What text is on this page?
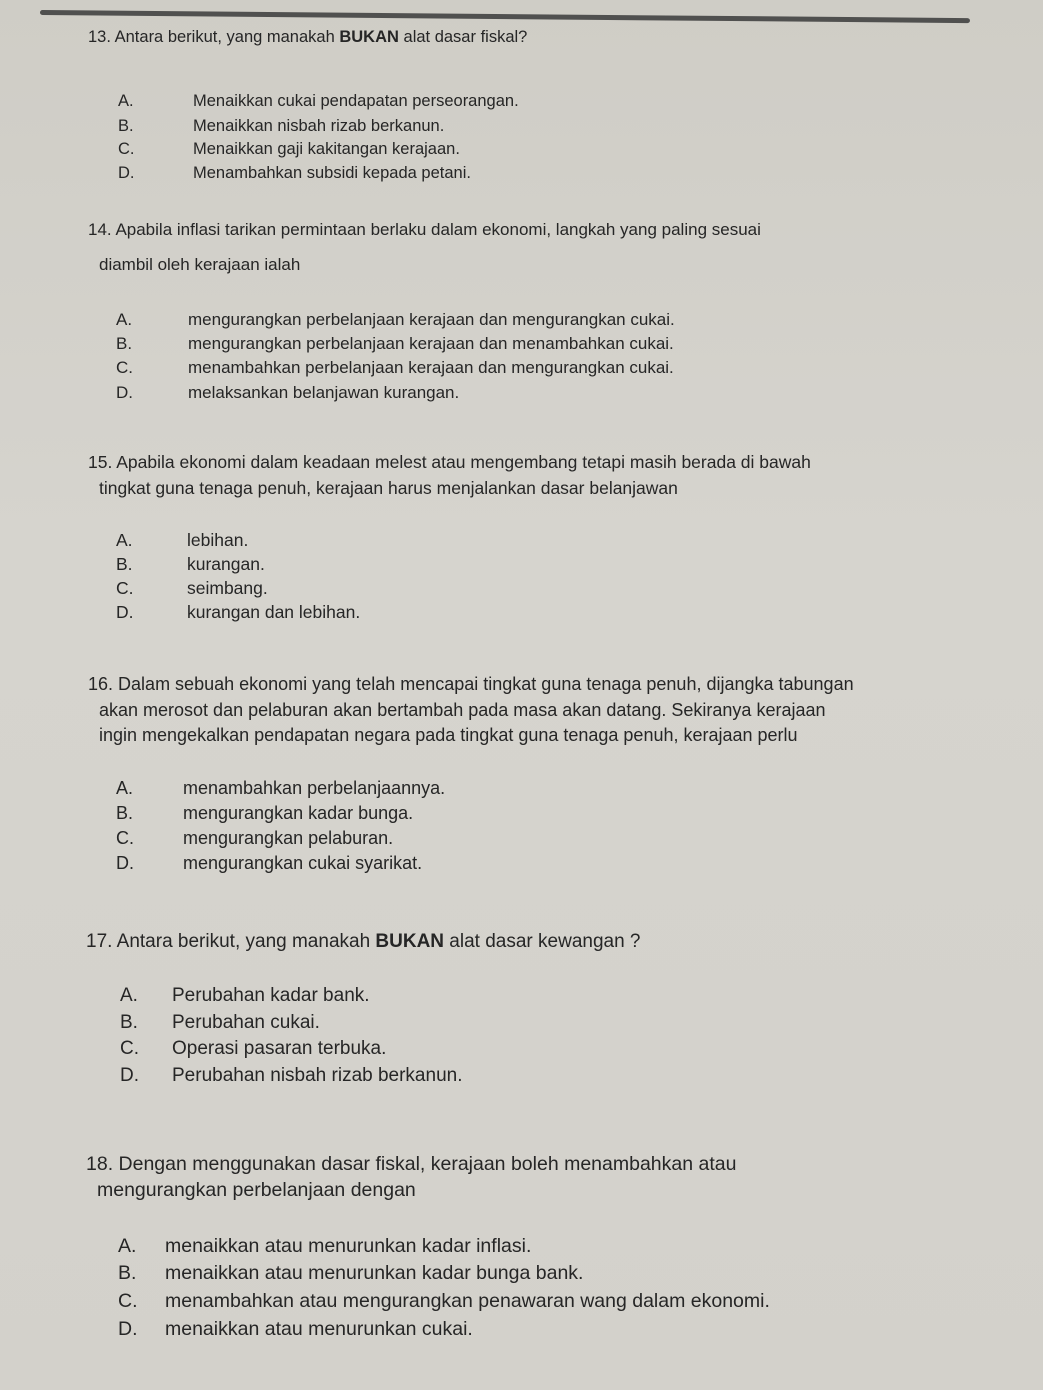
13. Antara berikut, yang manakah BUKAN alat dasar fiskal?
A.	Menaikkan cukai pendapatan perseorangan.
B.	Menaikkan nisbah rizab berkanun.
C.	Menaikkan gaji kakitangan kerajaan.
D.	Menambahkan subsidi kepada petani.
14. Apabila inflasi tarikan permintaan berlaku dalam ekonomi, langkah yang paling sesuai
diambil oleh kerajaan ialah
A.	mengurangkan perbelanjaan kerajaan dan mengurangkan cukai.
B.	mengurangkan perbelanjaan kerajaan dan menambahkan cukai.
C.	menambahkan perbelanjaan kerajaan dan mengurangkan cukai.
D.	melaksankan belanjawan kurangan.
15. Apabila ekonomi dalam keadaan melest atau mengembang tetapi masih berada di bawah
tingkat guna tenaga penuh, kerajaan harus menjalankan dasar belanjawan
A.	lebihan.
B.	kurangan.
C.	seimbang.
D.	kurangan dan lebihan.
16. Dalam sebuah ekonomi yang telah mencapai tingkat guna tenaga penuh, dijangka tabungan
akan merosot dan pelaburan akan bertambah pada masa akan datang. Sekiranya kerajaan
ingin mengekalkan pendapatan negara pada tingkat guna tenaga penuh, kerajaan perlu
A.	menambahkan perbelanjaannya.
B.	mengurangkan kadar bunga.
C.	mengurangkan pelaburan.
D.	mengurangkan cukai syarikat.
17. Antara berikut, yang manakah BUKAN alat dasar kewangan ?
A. Perubahan kadar bank.
B. Perubahan cukai.
C. Operasi pasaran terbuka.
D. Perubahan nisbah rizab berkanun.
18. Dengan menggunakan dasar fiskal, kerajaan boleh menambahkan atau
mengurangkan perbelanjaan dengan
A. menaikkan atau menurunkan kadar inflasi.
B. menaikkan atau menurunkan kadar bunga bank.
C. menambahkan atau mengurangkan penawaran wang dalam ekonomi.
D. menaikkan atau menurunkan cukai.
